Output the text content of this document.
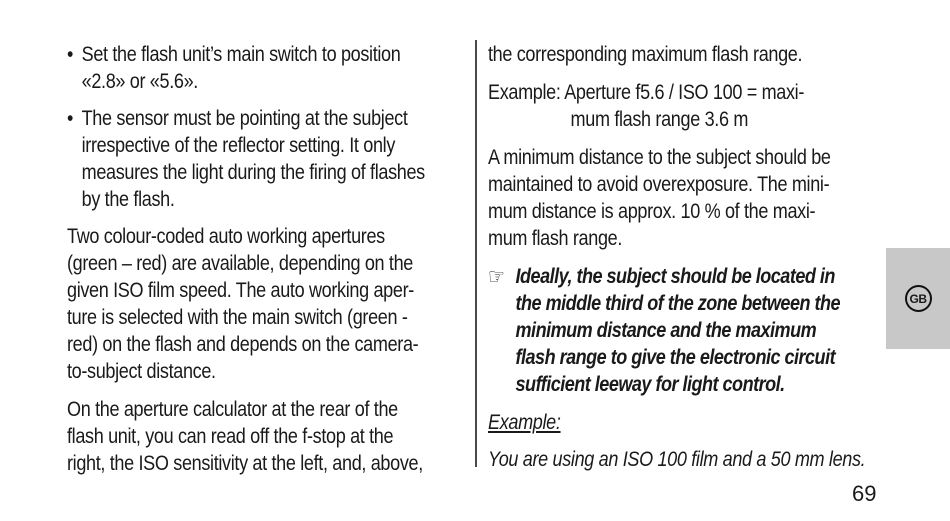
• Set the flash unit’s main switch to position
«2.8» or «5.6».
• The sensor must be pointing at the subject
irrespective of the reflector setting. It only
measures the light during the firing of flashes
by the flash.
Two colour-coded auto working apertures
(green – red) are available, depending on the
given ISO film speed. The auto working aper-
ture is selected with the main switch (green -
red) on the flash and depends on the camera-
to-subject distance.
On the aperture calculator at the rear of the
flash unit, you can read off the f-stop at the
right, the ISO sensitivity at the left, and, above,
the corresponding maximum flash range.
Example: Aperture f5.6 / ISO 100 = maxi-
mum flash range 3.6 m
A minimum distance to the subject should be
maintained to avoid overexposure. The mini-
mum distance is approx. 10 % of the maxi-
mum flash range.
☞ Ideally, the subject should be located in
the middle third of the zone between the
minimum distance and the maximum
flash range to give the electronic circuit
sufficient leeway for light control.
Example:
You are using an ISO 100 film and a 50 mm lens.
GB
69
